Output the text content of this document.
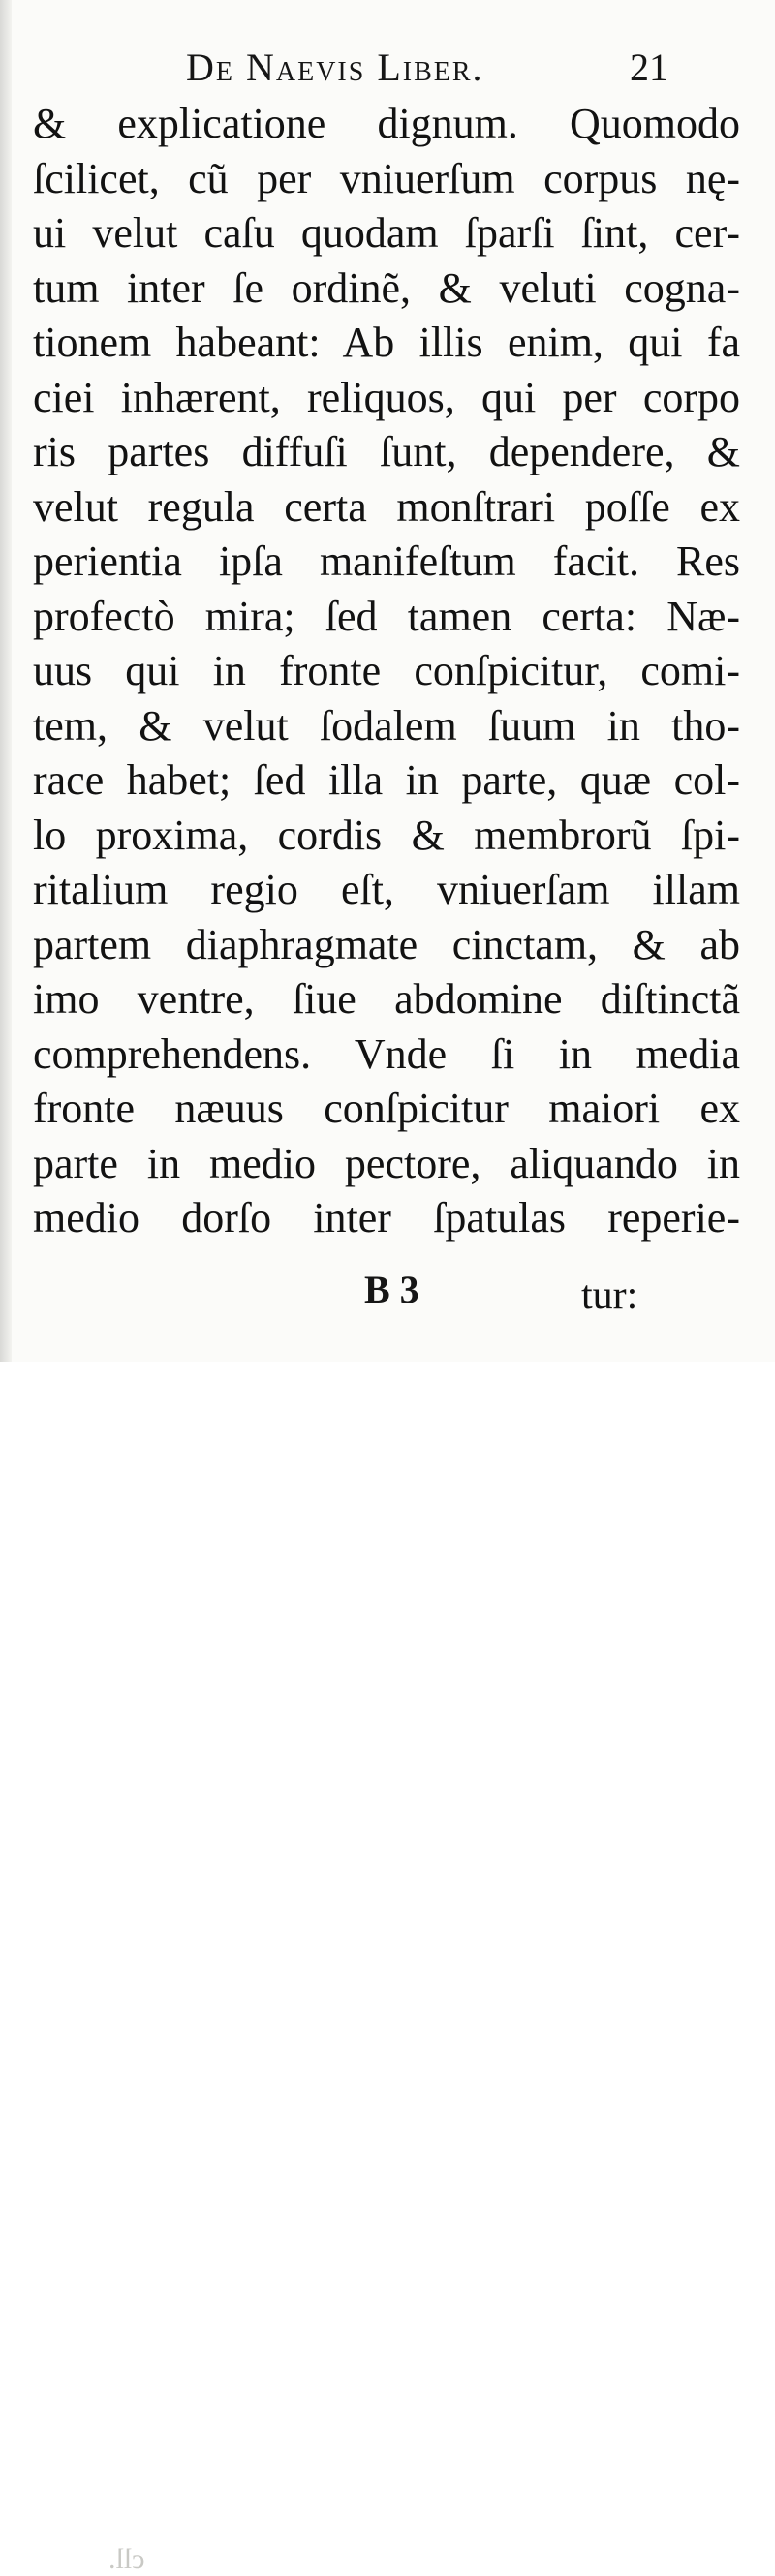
De Naevis Liber.	21
& explicatione dignum. Quomodo
ſcilicet, cũ per vniuerſum corpus nę-
ui velut caſu quodam ſparſi ſint, cer-
tum inter ſe ordinẽ, & veluti cogna-
tionem habeant: Ab illis enim, qui fa
ciei inhærent, reliquos, qui per corpo
ris partes diffuſi ſunt, dependere, &
velut regula certa monſtrari poſſe ex
perientia ipſa manifeſtum facit. Res
profectò mira; ſed tamen certa: Næ-
uus qui in fronte conſpicitur, comi-
tem, & velut ſodalem ſuum in tho-
race habet; ſed illa in parte, quæ col-
lo proxima, cordis & membrorũ ſpi-
ritalium regio eſt, vniuerſam illam
partem diaphragmate cinctam, & ab
imo ventre, ſiue abdomine diſtinctã
comprehendens. Vnde ſi in media
fronte næuus conſpicitur maiori ex
parte in medio pectore, aliquando in
medio dorſo inter ſpatulas reperie-
cll.
B 3	tur:
